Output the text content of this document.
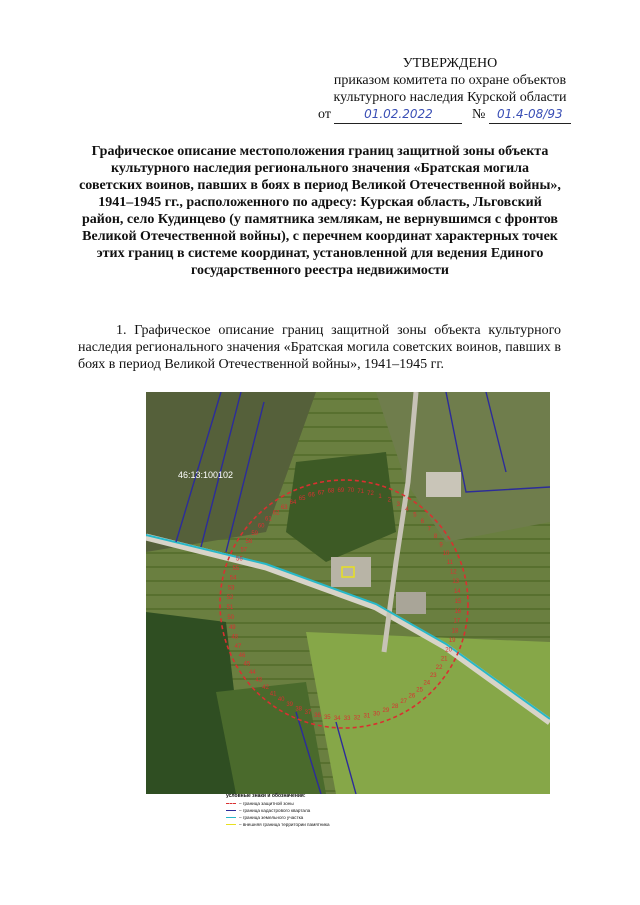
УТВЕРЖДЕНО
приказом комитета по охране объектов
культурного наследия Курской области
от	01.02.2022	№ 01.4-08/93
Графическое описание местоположения границ защитной зоны объекта культурного наследия регионального значения «Братская могила советских воинов, павших в боях в период Великой Отечественной войны», 1941–1945 гг., расположенного по адресу: Курская область, Льговский район, село Кудинцево (у памятника землякам, не вернувшимся с фронтов Великой Отечественной войны), с перечнем координат характерных точек этих границ в системе координат, установленной для ведения Единого государственного реестра недвижимости
1. Графическое описание границ защитной зоны объекта культурного наследия регионального значения «Братская могила советских воинов, павших в боях в период Великой Отечественной войны», 1941–1945 гг.
46:13:100102
59
60
61
62
63
64
65
66 67 68 69 70 71 72 1
2
3
4
5
6
7
8
9
10
11
12
13
14
15
16
17
18
19
20
21
22
23
24
25
26
27
28
29
30
31
32
33
34
35
36
37
38
39
40
41
42
43
44
45
46
47
48
49
50
51
52
53
54
55
56
57
58
условные знаки и обозначения:
– граница защитной зоны
– граница кадастрового квартала
– граница земельного участка
– внешняя граница территории памятника
